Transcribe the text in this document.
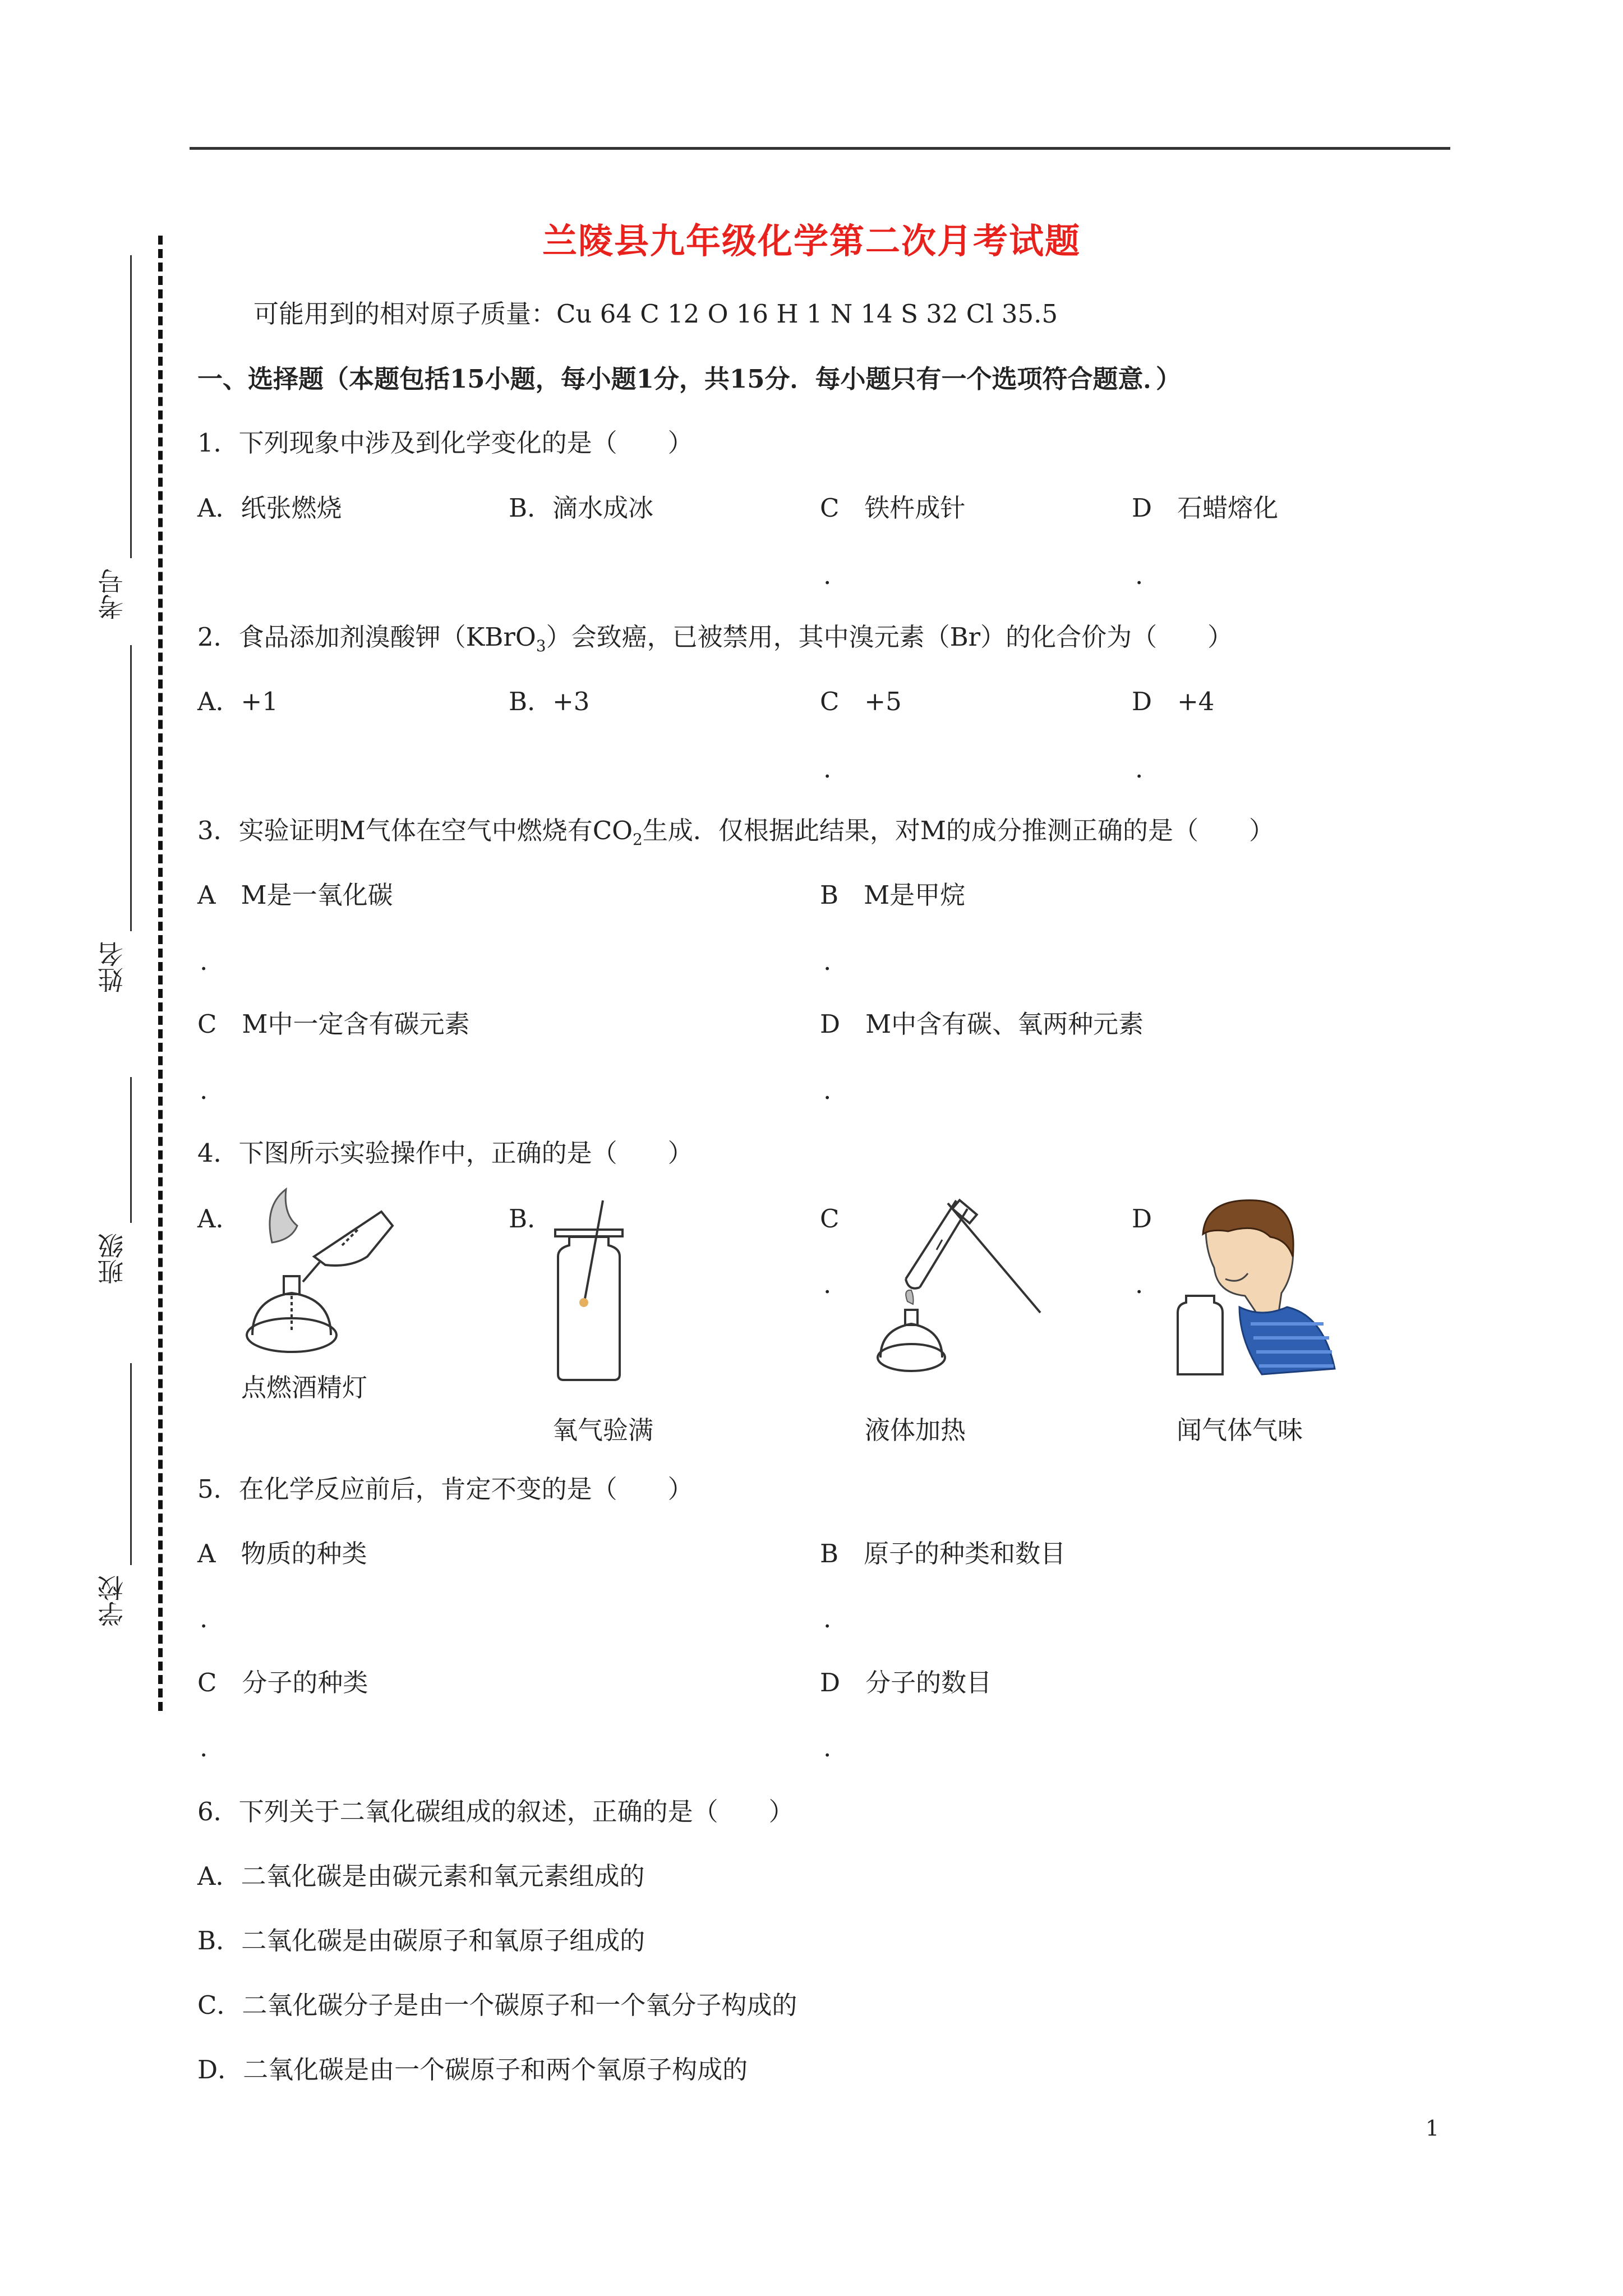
考号
姓名
班级
学校
兰陵县九年级化学第二次月考试题
可能用到的相对原子质量：Cu 64 C 12 O 16 H 1 N 14 S 32 Cl 35.5
一、选择题（本题包括15小题，每小题1分，共15分．每小题只有一个选项符合题意．）
1．下列现象中涉及到化学变化的是（　　）
A．纸张燃烧	B．滴水成冰	C　铁杵成针	D　石蜡熔化
.	.
2．食品添加剂溴酸钾（KBrO$_3$）会致癌，已被禁用，其中溴元素（Br）的化合价为（　　）
A．+1	B．+3	C　+5	D　+4
.	.
3．实验证明M气体在空气中燃烧有$CO_2$生成．仅根据此结果，对M的成分推测正确的是（　　）
A　M是一氧化碳	B　M是甲烷
.	.
C　M中一定含有碳元素	D　M中含有碳、氧两种元素
.	.
4．下图所示实验操作中，正确的是（　　）
A．	B．	C	D
.	.
点燃酒精灯
氧气验满	液体加热	闻气体气味
5．在化学反应前后，肯定不变的是（　　）
A　物质的种类	B　原子的种类和数目
.	.
C　分子的种类	D　分子的数目
.	.
6．下列关于二氧化碳组成的叙述，正确的是（　　）
A．二氧化碳是由碳元素和氧元素组成的
B．二氧化碳是由碳原子和氧原子组成的
C．二氧化碳分子是由一个碳原子和一个氧分子构成的
D．二氧化碳是由一个碳原子和两个氧原子构成的
1
